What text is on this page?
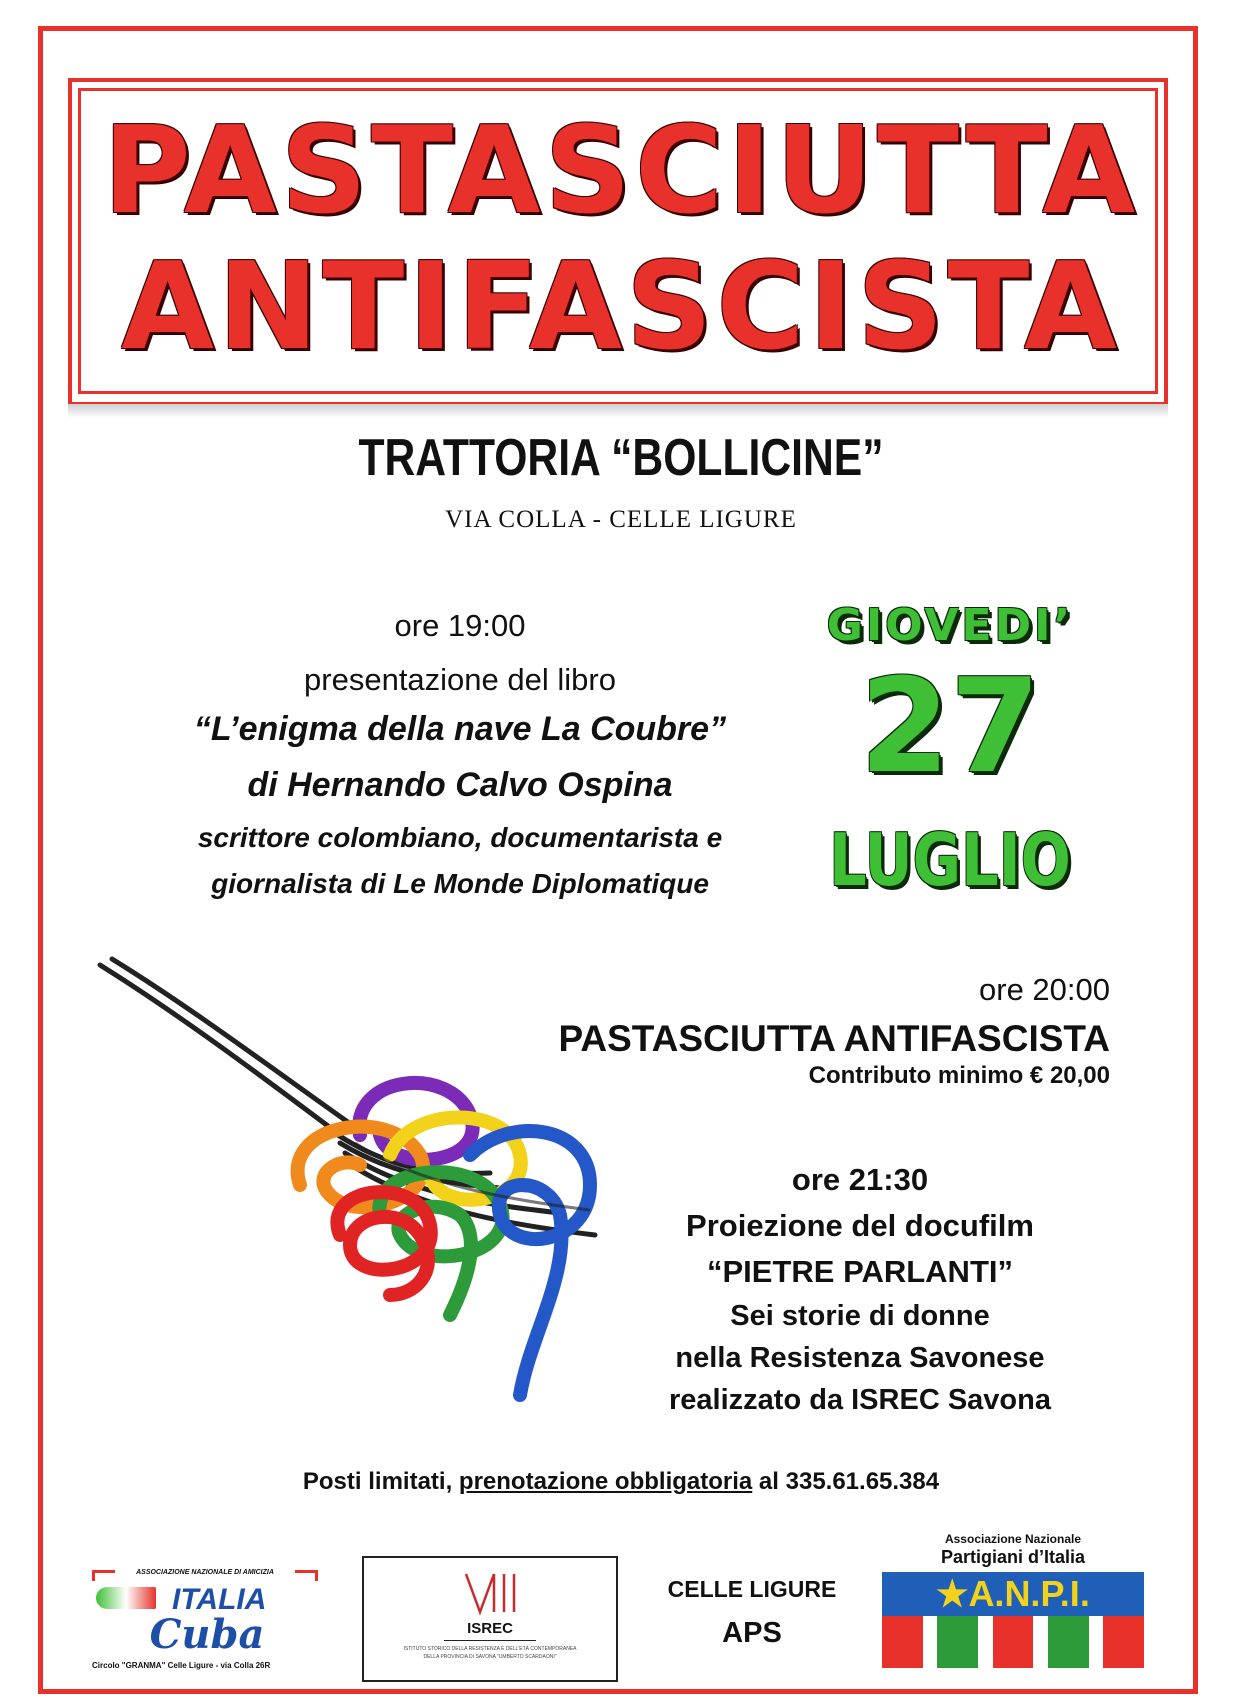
PASTASCIUTTA
ANTIFASCISTA
TRATTORIA “BOLLICINE”
VIA COLLA - CELLE LIGURE
ore 19:00
presentazione del libro
“L’enigma della nave La Coubre”
di Hernando Calvo Ospina
scrittore colombiano, documentarista e
giornalista di Le Monde Diplomatique
GIOVEDI’
27
LUGLIO
ore 20:00
PASTASCIUTTA ANTIFASCISTA
Contributo minimo € 20,00
ore 21:30
Proiezione del docufilm
“PIETRE PARLANTI”
Sei storie di donne
nella Resistenza Savonese
realizzato da ISREC Savona
Posti limitati, prenotazione obbligatoria al 335.61.65.384
ASSOCIAZIONE NAZIONALE DI AMICIZIA
ITALIA
Cuba
Circolo "GRANMA" Celle Ligure - via Colla 26R
ISREC
ISTITUTO STORICO DELLA RESISTENZA E DELL'ETÀ CONTEMPORANEA
DELLA PROVINCIA DI SAVONA "UMBERTO SCARDAONI"
CELLE LIGURE
APS
Associazione Nazionale
Partigiani d’Italia
★ A.N.P.I.
